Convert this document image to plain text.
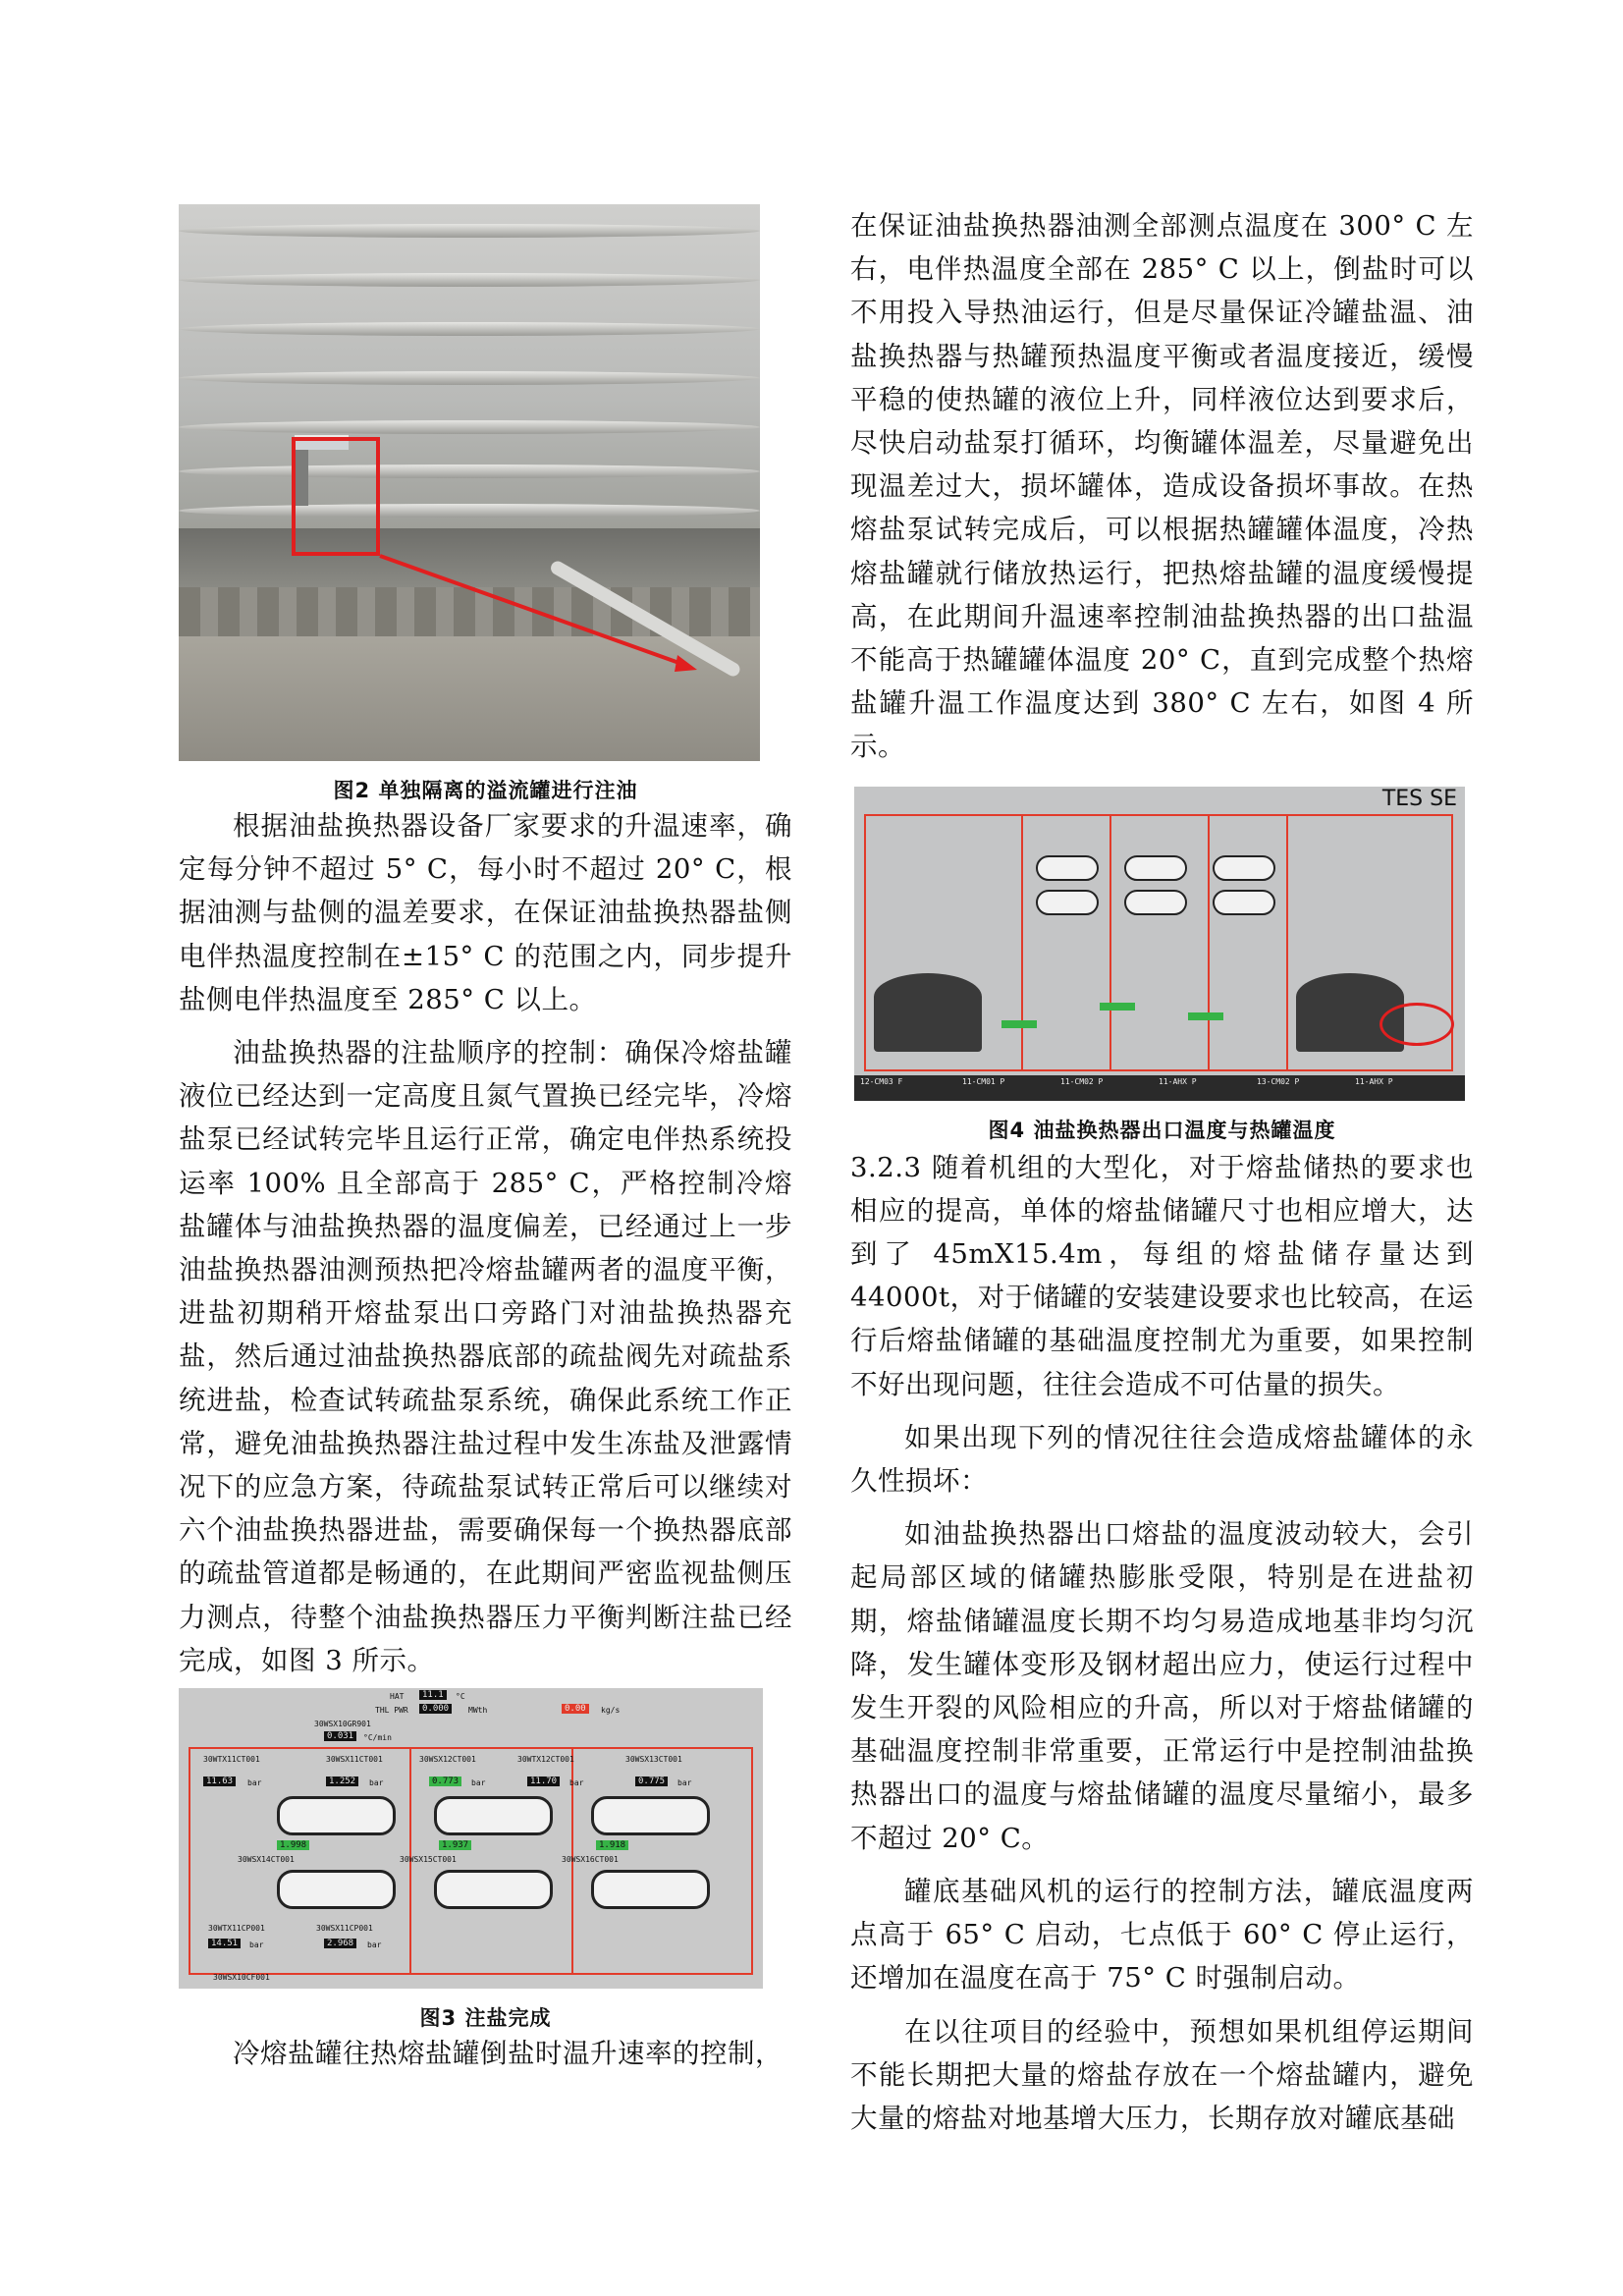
图2 单独隔离的溢流罐进行注油

根据油盐换热器设备厂家要求的升温速率，确定每分钟不超过 5° C，每小时不超过 20° C，根据油测与盐侧的温差要求，在保证油盐换热器盐侧电伴热温度控制在±15° C 的范围之内，同步提升盐侧电伴热温度至 285° C 以上。

油盐换热器的注盐顺序的控制：确保冷熔盐罐液位已经达到一定高度且氮气置换已经完毕，冷熔盐泵已经试转完毕且运行正常，确定电伴热系统投运率 100% 且全部高于 285° C，严格控制冷熔盐罐体与油盐换热器的温度偏差，已经通过上一步油盐换热器油测预热把冷熔盐罐两者的温度平衡，进盐初期稍开熔盐泵出口旁路门对油盐换热器充盐，然后通过油盐换热器底部的疏盐阀先对疏盐系统进盐，检查试转疏盐泵系统，确保此系统工作正常，避免油盐换热器注盐过程中发生冻盐及泄露情况下的应急方案，待疏盐泵试转正常后可以继续对六个油盐换热器进盐，需要确保每一个换热器底部的疏盐管道都是畅通的，在此期间严密监视盐侧压力测点，待整个油盐换热器压力平衡判断注盐已经完成，如图 3 所示。

HAT	11.1	°C
THL PWR	0.000	MWth	0.00	kg/s
30WSX10GR901
0.031	°C/min
30WTX11CT001
11.63	bar
30WSX11CT001
1.252	bar
30WSX12CT001
0.773	bar
30WTX12CT001
11.70	bar
30WSX13CT001
0.775	bar
1.998	1.937	1.918
30WSX14CT001	30WSX15CT001	30WSX16CT001
30WTX11CP001
14.51	bar
30WSX11CP001
2.968	bar
30WSX10CF001
图3 注盐完成

冷熔盐罐往热熔盐罐倒盐时温升速率的控制，

在保证油盐换热器油测全部测点温度在 300° C 左右，电伴热温度全部在 285° C 以上，倒盐时可以不用投入导热油运行，但是尽量保证冷罐盐温、油盐换热器与热罐预热温度平衡或者温度接近，缓慢平稳的使热罐的液位上升，同样液位达到要求后，尽快启动盐泵打循环，均衡罐体温差，尽量避免出现温差过大，损坏罐体，造成设备损坏事故。在热熔盐泵试转完成后，可以根据热罐罐体温度，冷热熔盐罐就行储放热运行，把热熔盐罐的温度缓慢提高，在此期间升温速率控制油盐换热器的出口盐温不能高于热罐罐体温度 20° C，直到完成整个热熔盐罐升温工作温度达到 380° C 左右，如图 4 所示。

TES SE
12-CM03 F	11-CM01 P	11-CM02 P	11-AHX P	13-CM02 P	11-AHX P
图4 油盐换热器出口温度与热罐温度

3.2.3 随着机组的大型化，对于熔盐储热的要求也相应的提高，单体的熔盐储罐尺寸也相应增大，达到了 45mX15.4m，每组的熔盐储存量达到 44000t，对于储罐的安装建设要求也比较高，在运行后熔盐储罐的基础温度控制尤为重要，如果控制不好出现问题，往往会造成不可估量的损失。

如果出现下列的情况往往会造成熔盐罐体的永久性损坏：

如油盐换热器出口熔盐的温度波动较大，会引起局部区域的储罐热膨胀受限，特别是在进盐初期，熔盐储罐温度长期不均匀易造成地基非均匀沉降，发生罐体变形及钢材超出应力，使运行过程中发生开裂的风险相应的升高，所以对于熔盐储罐的基础温度控制非常重要，正常运行中是控制油盐换热器出口的温度与熔盐储罐的温度尽量缩小，最多不超过 20° C。

罐底基础风机的运行的控制方法，罐底温度两点高于 65° C 启动，七点低于 60° C 停止运行，还增加在温度在高于 75° C 时强制启动。

在以往项目的经验中，预想如果机组停运期间不能长期把大量的熔盐存放在一个熔盐罐内，避免大量的熔盐对地基增大压力，长期存放对罐底基础
